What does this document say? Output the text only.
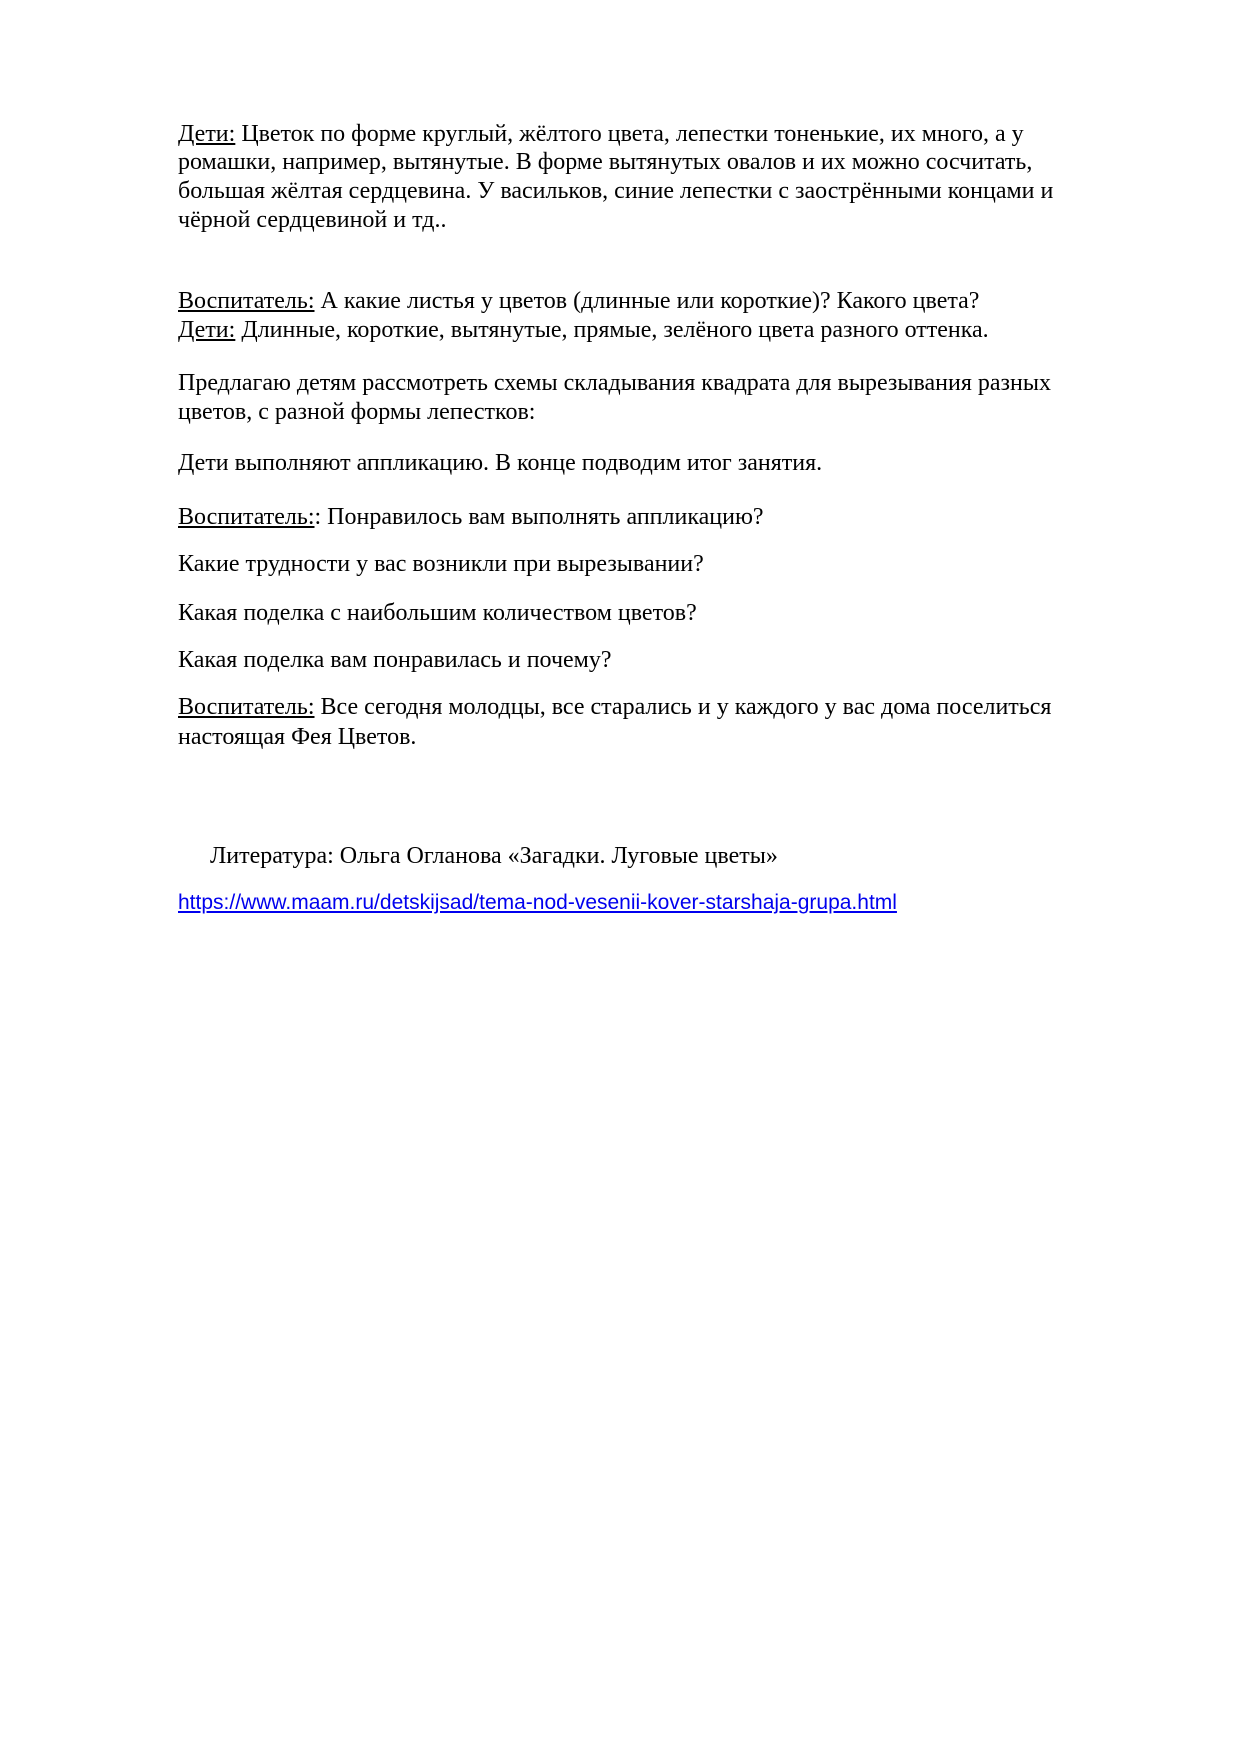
Дети: Цветок по форме круглый, жёлтого цвета, лепестки тоненькие, их много, а у
ромашки, например, вытянутые. В форме вытянутых овалов и их можно сосчитать,
большая жёлтая сердцевина. У васильков, синие лепестки с заострёнными концами и
чёрной сердцевиной и тд..
Воспитатель: А какие листья у цветов (длинные или короткие)? Какого цвета?
Дети: Длинные, короткие, вытянутые, прямые, зелёного цвета разного оттенка.
Предлагаю детям рассмотреть схемы складывания квадрата для вырезывания разных
цветов, с разной формы лепестков:
Дети выполняют аппликацию. В конце подводим итог занятия.
Воспитатель:: Понравилось вам выполнять аппликацию?
Какие трудности у вас возникли при вырезывании?
Какая поделка с наибольшим количеством цветов?
Какая поделка вам понравилась и почему?
Воспитатель: Все сегодня молодцы, все старались и у каждого у вас дома поселиться
настоящая Фея Цветов.
Литература: Ольга Огланова «Загадки. Луговые цветы»
https://www.maam.ru/detskijsad/tema-nod-vesenii-kover-starshaja-grupa.html
